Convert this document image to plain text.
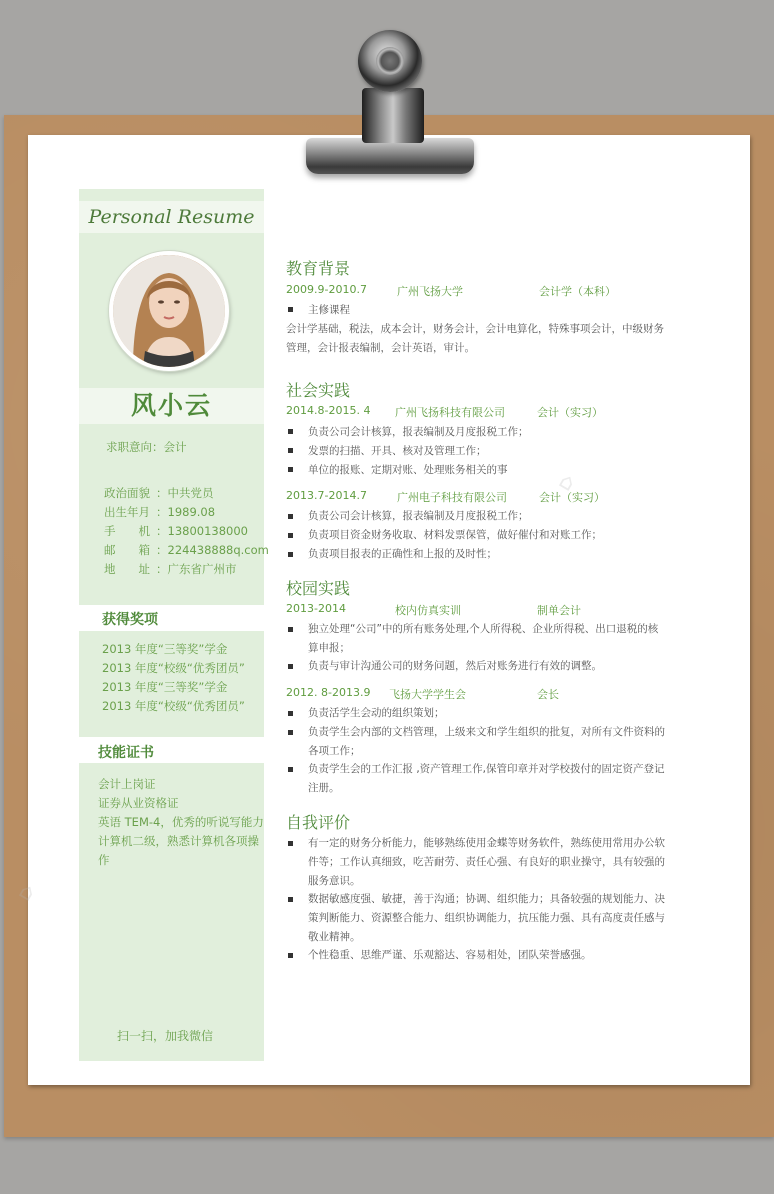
⌂
⌂
Personal Resume
风小云
求职意向：会计
政治面貌 ：中共党员
出生年月 ：1989.08
手　　机 ：13800138000
邮　　箱 ：224438888q.com
地　　址 ：广东省广州市
获得奖项
2013 年度“三等奖”学金
2013 年度“校级“优秀团员”
2013 年度“三等奖”学金
2013 年度“校级“优秀团员”
技能证书
会计上岗证
证券从业资格证
英语 TEM-4，优秀的听说写能力
计算机二级，熟悉计算机各项操
作
扫一扫，加我微信
教育背景
2009.9-2010.7	广州飞扬大学	会计学（本科）
主修课程
会计学基础，税法，成本会计，财务会计，会计电算化，特殊事项会计，中级财务
管理，会计报表编制，会计英语，审计。
社会实践
2014.8-2015. 4 广州飞扬科技有限公司	会计（实习）
负责公司会计核算，报表编制及月度报税工作；
发票的扫描、开具、核对及管理工作；
单位的报账、定期对账、处理账务相关的事
2013.7-2014.7	广州电子科技有限公司	会计（实习）
负责公司会计核算，报表编制及月度报税工作；
负责项目资金财务收取、材料发票保管，做好催付和对账工作；
负责项目报表的正确性和上报的及时性；
校园实践
2013-2014	校内仿真实训	制单会计
独立处理“公司”中的所有账务处理,个人所得税、企业所得税、出口退税的核
算申报；
负责与审计沟通公司的财务问题，然后对账务进行有效的调整。
2012. 8-2013.9 飞扬大学学生会	会长
负责活学生会动的组织策划；
负责学生会内部的文档管理，上级来文和学生组织的批复，对所有文件资料的
各项工作；
负责学生会的工作汇报 ,资产管理工作,保管印章并对学校拨付的固定资产登记
注册。
自我评价
有一定的财务分析能力，能够熟练使用金蝶等财务软件，熟练使用常用办公软
件等；工作认真细致，吃苦耐劳、责任心强、有良好的职业操守，具有较强的
服务意识。
数据敏感度强、敏捷，善于沟通；协调、组织能力；具备较强的规划能力、决
策判断能力、资源整合能力、组织协调能力，抗压能力强、具有高度责任感与
敬业精神。
个性稳重、思维严谨、乐观豁达、容易相处，团队荣誉感强。
